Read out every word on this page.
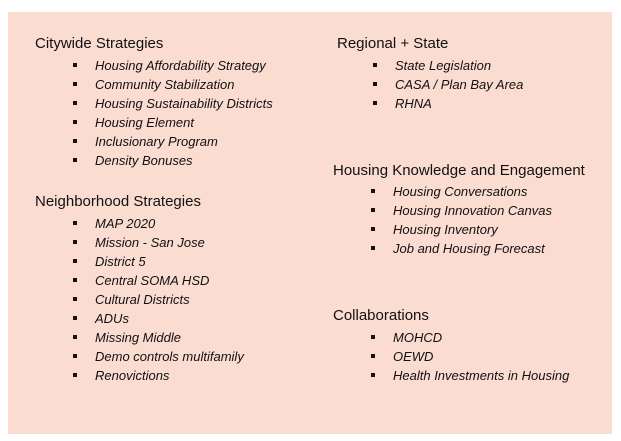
Citywide Strategies
Housing Affordability Strategy
Community Stabilization
Housing Sustainability Districts
Housing Element
Inclusionary Program
Density Bonuses
Neighborhood Strategies
MAP 2020
Mission - San Jose
District 5
Central SOMA HSD
Cultural Districts
ADUs
Missing Middle
Demo controls multifamily
Renovictions
Regional + State
State Legislation
CASA / Plan Bay Area
RHNA
Housing Knowledge and Engagement
Housing Conversations
Housing Innovation Canvas
Housing Inventory
Job and Housing Forecast
Collaborations
MOHCD
OEWD
Health Investments in Housing
